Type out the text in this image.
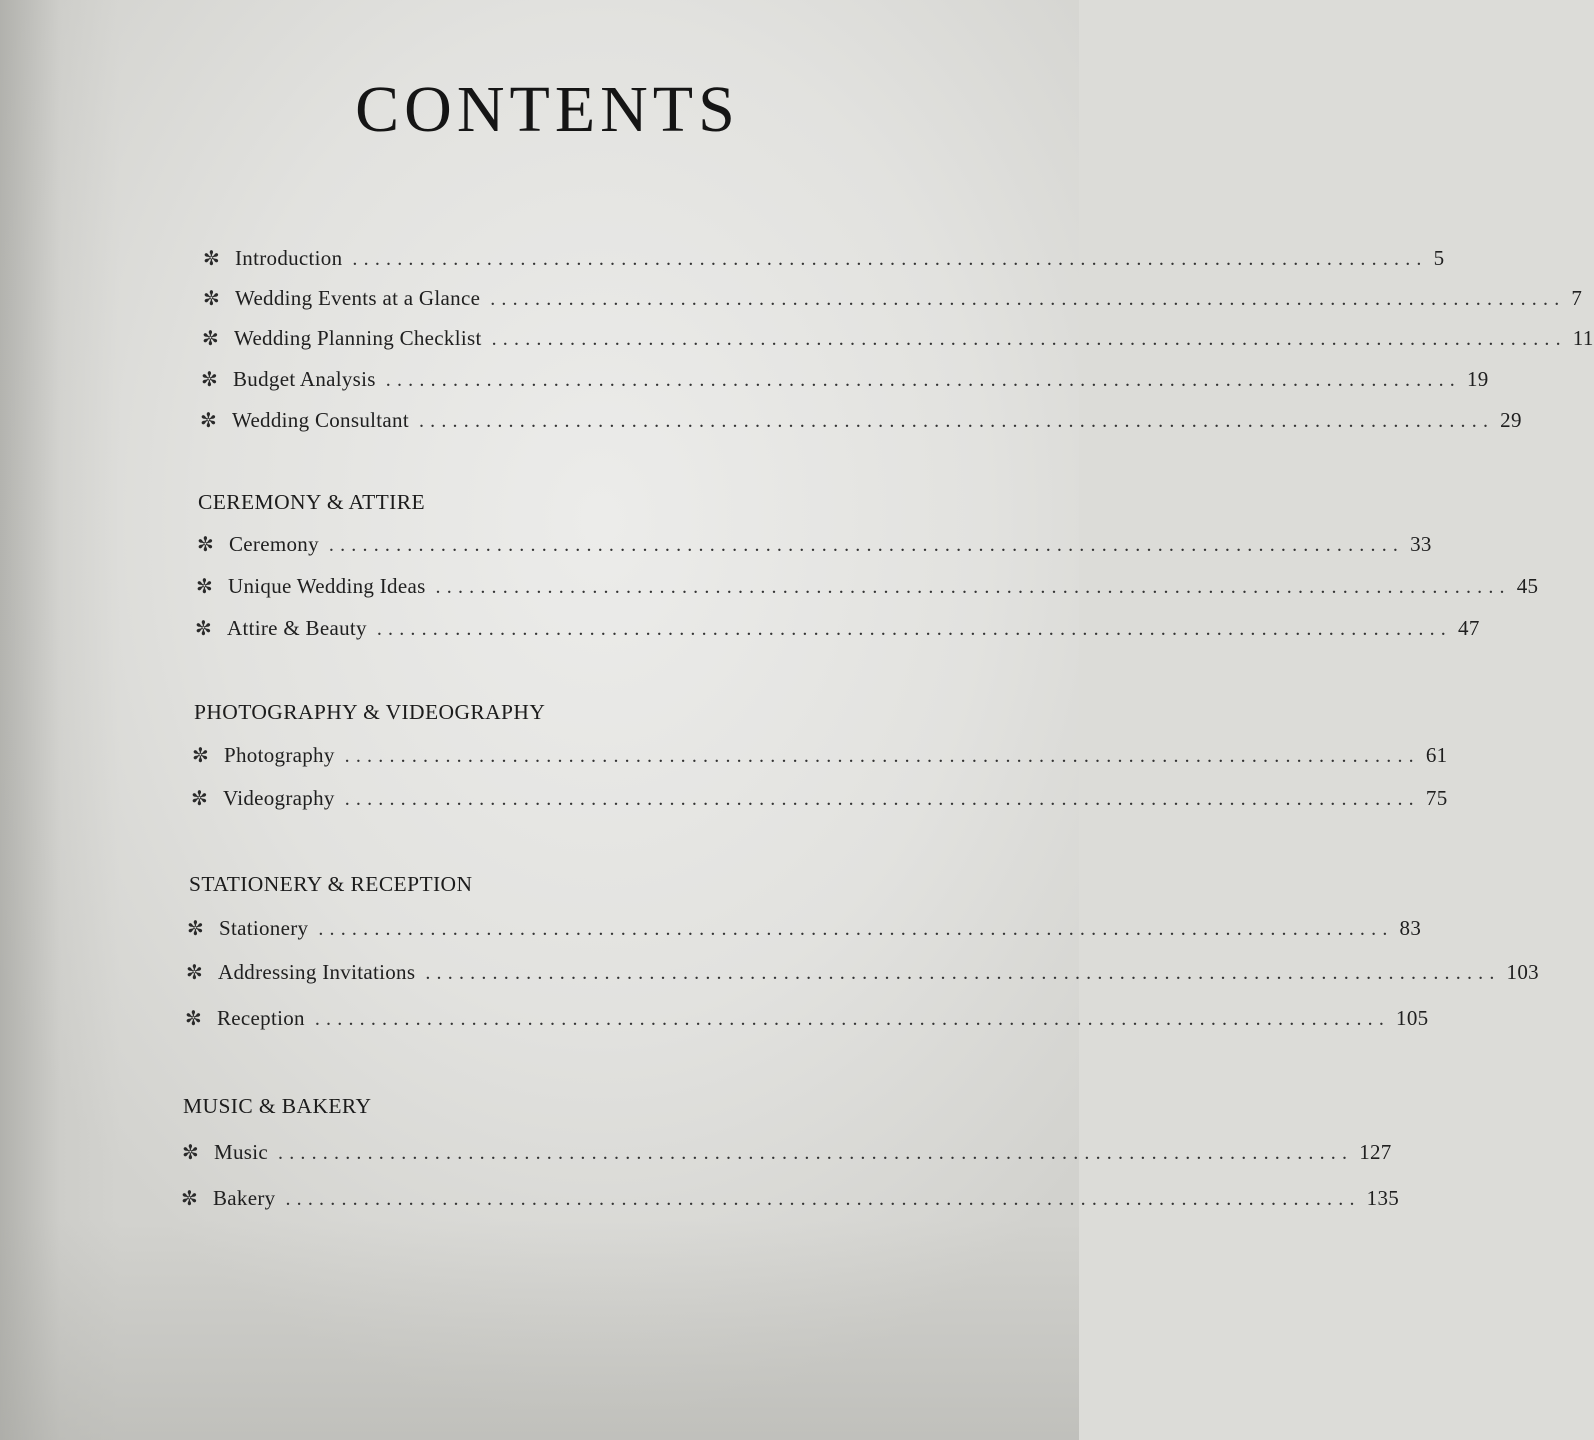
CONTENTS
✼ Introduction ................................................................................................ 5
✼ Wedding Events at a Glance ................................................................................................ 7
✼ Wedding Planning Checklist ................................................................................................ 11
✼ Budget Analysis ................................................................................................ 19
✼ Wedding Consultant ................................................................................................ 29
CEREMONY & ATTIRE
✼ Ceremony ................................................................................................ 33
✼ Unique Wedding Ideas ................................................................................................ 45
✼ Attire & Beauty ................................................................................................ 47
PHOTOGRAPHY & VIDEOGRAPHY
✼ Photography ................................................................................................ 61
✼ Videography ................................................................................................ 75
STATIONERY & RECEPTION
✼ Stationery ................................................................................................ 83
✼ Addressing Invitations ................................................................................................ 103
✼ Reception ................................................................................................ 105
MUSIC & BAKERY
✼ Music ................................................................................................ 127
✼ Bakery ................................................................................................ 135
